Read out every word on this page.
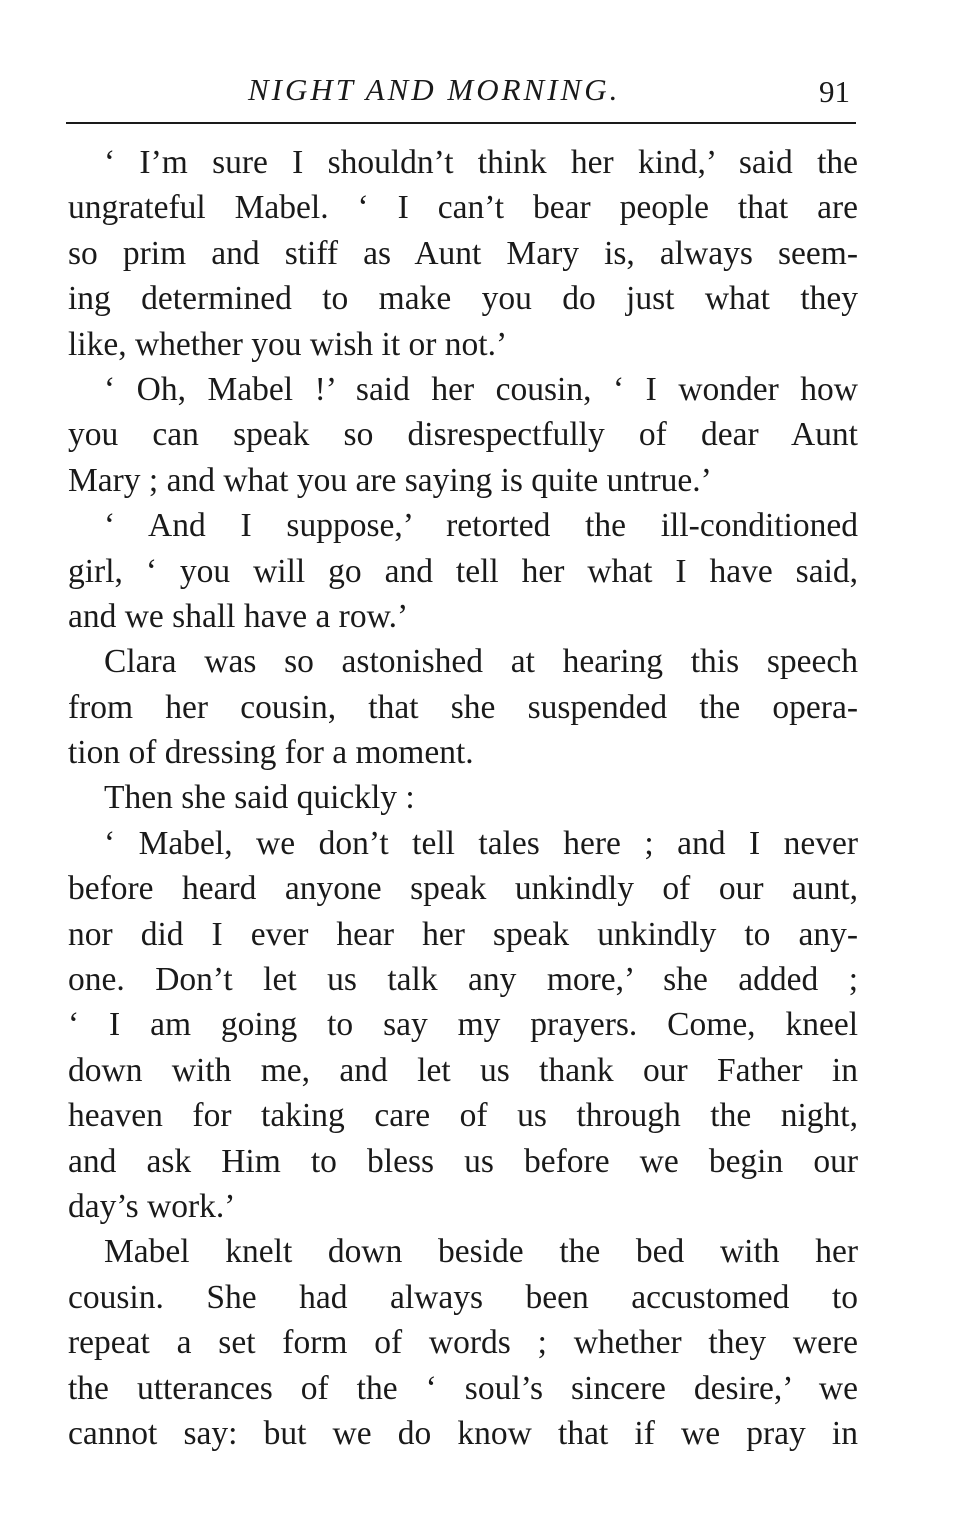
NIGHT AND MORNING.	91
‘ I’m sure I shouldn’t think her kind,’ said the
ungrateful Mabel. ‘ I can’t bear people that are
so prim and stiff as Aunt Mary is, always seem-
ing determined to make you do just what they
like, whether you wish it or not.’
‘ Oh, Mabel !’ said her cousin, ‘ I wonder how
you can speak so disrespectfully of dear Aunt
Mary ; and what you are saying is quite untrue.’
‘ And I suppose,’ retorted the ill-conditioned
girl, ‘ you will go and tell her what I have said,
and we shall have a row.’
Clara was so astonished at hearing this speech
from her cousin, that she suspended the opera-
tion of dressing for a moment.
Then she said quickly :
‘ Mabel, we don’t tell tales here ; and I never
before heard anyone speak unkindly of our aunt,
nor did I ever hear her speak unkindly to any-
one. Don’t let us talk any more,’ she added ;
‘ I am going to say my prayers. Come, kneel
down with me, and let us thank our Father in
heaven for taking care of us through the night,
and ask Him to bless us before we begin our
day’s work.’
Mabel knelt down beside the bed with her
cousin. She had always been accustomed to
repeat a set form of words ; whether they were
the utterances of the ‘ soul’s sincere desire,’ we
cannot say: but we do know that if we pray in
